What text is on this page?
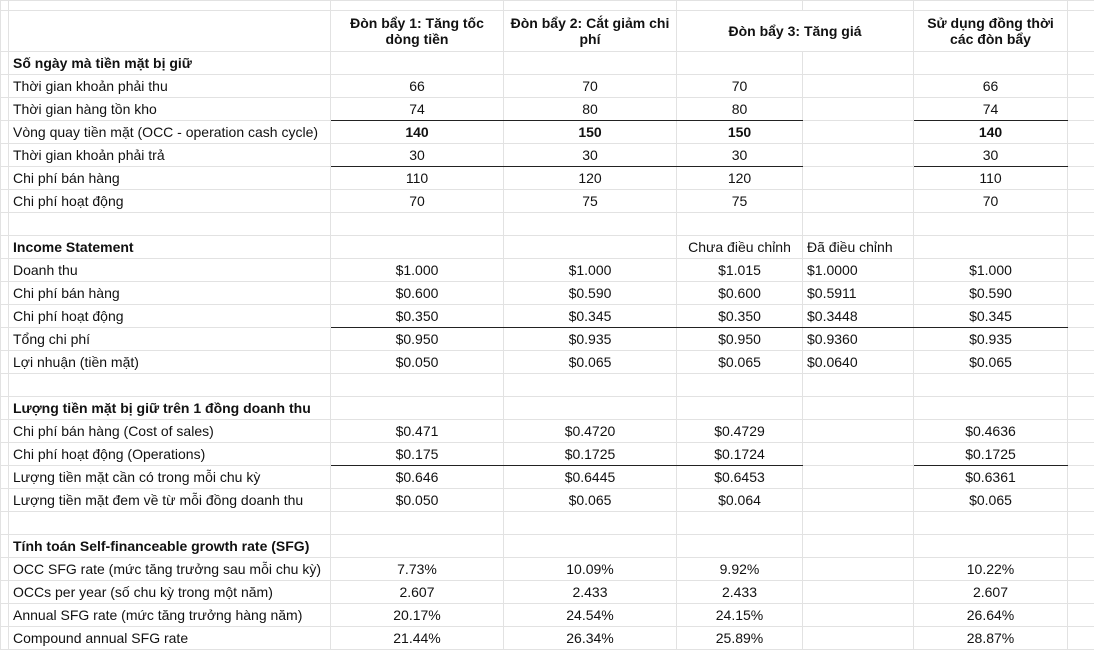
		Đòn bẩy 1: Tăng tốc dòng tiền	Đòn bẩy 2: Cắt giảm chi phí	Đòn bẩy 3: Tăng giá		Sử dụng đồng thời các đòn bẩy	
	Số ngày mà tiền mặt bị giữ						
	Thời gian khoản phải thu	66	70	70		66	
	Thời gian hàng tồn kho	74	80	80		74	
	Vòng quay tiền mặt (OCC - operation cash cycle)	140	150	150		140	
	Thời gian khoản phải trả	30	30	30		30	
	Chi phí bán hàng	110	120	120		110	
	Chi phí hoạt động	70	75	75		70	

	Income Statement			Chưa điều chỉnh	Đã điều chỉnh		
	Doanh thu	$1.000	$1.000	$1.015	$1.0000	$1.000	
	Chi phí bán hàng	$0.600	$0.590	$0.600	$0.5911	$0.590	
	Chi phí hoạt động	$0.350	$0.345	$0.350	$0.3448	$0.345	
	Tổng chi phí	$0.950	$0.935	$0.950	$0.9360	$0.935	
	Lợi nhuận (tiền mặt)	$0.050	$0.065	$0.065	$0.0640	$0.065	

	Lượng tiền mặt bị giữ trên 1 đồng doanh thu						
	Chi phí bán hàng (Cost of sales)	$0.471	$0.4720	$0.4729		$0.4636	
	Chi phí hoạt động (Operations)	$0.175	$0.1725	$0.1724		$0.1725	
	Lượng tiền mặt cần có trong mỗi chu kỳ	$0.646	$0.6445	$0.6453		$0.6361	
	Lượng tiền mặt đem về từ mỗi đồng doanh thu	$0.050	$0.065	$0.064		$0.065	

	Tính toán Self-financeable growth rate (SFG)						
	OCC SFG rate (mức tăng trưởng sau mỗi chu kỳ)	7.73%	10.09%	9.92%		10.22%	
	OCCs per year (số chu kỳ trong một năm)	2.607	2.433	2.433		2.607	
	Annual SFG rate (mức tăng trưởng hàng năm)	20.17%	24.54%	24.15%		26.64%	
	Compound annual SFG rate	21.44%	26.34%	25.89%		28.87%	
